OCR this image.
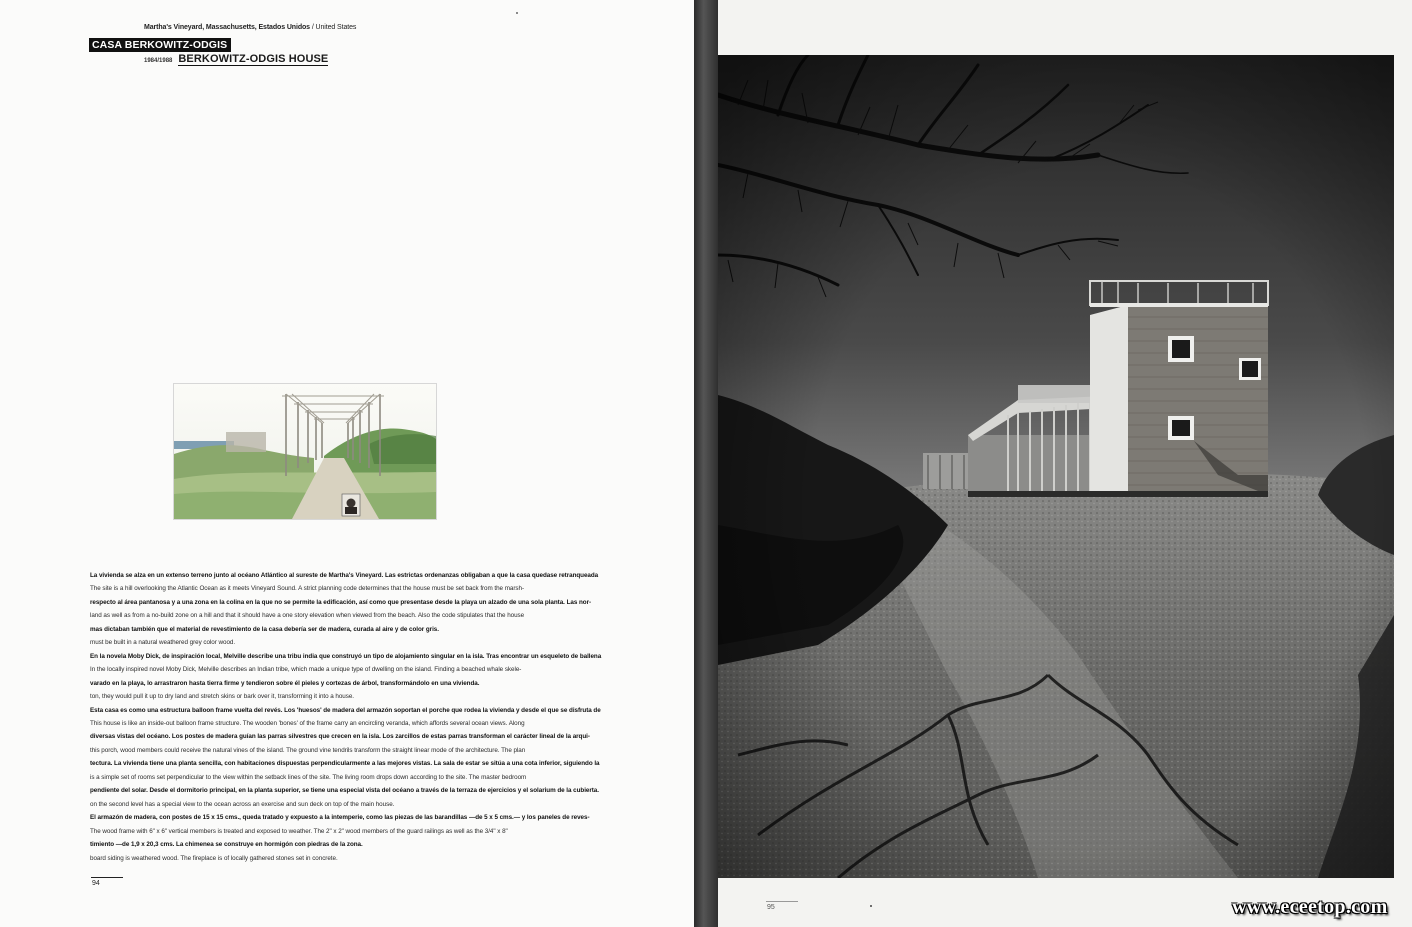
Martha's Vineyard, Massachusetts, Estados Unidos / United States
CASA BERKOWITZ-ODGIS
1984/1988 BERKOWITZ-ODGIS HOUSE

La vivienda se alza en un extenso terreno junto al océano Atlántico al sureste de Martha's Vineyard. Las estrictas ordenanzas obligaban a que la casa quedase retranqueada

The site is a hill overlooking the Atlantic Ocean as it meets Vineyard Sound. A strict planning code determines that the house must be set back from the marsh-

respecto al área pantanosa y a una zona en la colina en la que no se permite la edificación, así como que presentase desde la playa un alzado de una sola planta. Las nor-

land as well as from a no-build zone on a hill and that it should have a one story elevation when viewed from the beach. Also the code stipulates that the house

mas dictaban también que el material de revestimiento de la casa debería ser de madera, curada al aire y de color gris.

must be built in a natural weathered grey color wood.

En la novela Moby Dick, de inspiración local, Melville describe una tribu india que construyó un tipo de alojamiento singular en la isla. Tras encontrar un esqueleto de ballena

In the locally inspired novel Moby Dick, Melville describes an Indian tribe, which made a unique type of dwelling on the island. Finding a beached whale skele-

varado en la playa, lo arrastraron hasta tierra firme y tendieron sobre él pieles y cortezas de árbol, transformándolo en una vivienda.

ton, they would pull it up to dry land and stretch skins or bark over it, transforming it into a house.

Esta casa es como una estructura balloon frame vuelta del revés. Los 'huesos' de madera del armazón soportan el porche que rodea la vivienda y desde el que se disfruta de

This house is like an inside-out balloon frame structure. The wooden 'bones' of the frame carry an encircling veranda, which affords several ocean views. Along

diversas vistas del océano. Los postes de madera guían las parras silvestres que crecen en la isla. Los zarcillos de estas parras transforman el carácter lineal de la arqui-

this porch, wood members could receive the natural vines of the island. The ground vine tendrils transform the straight linear mode of the architecture. The plan

tectura. La vivienda tiene una planta sencilla, con habitaciones dispuestas perpendicularmente a las mejores vistas. La sala de estar se sitúa a una cota inferior, siguiendo la

is a simple set of rooms set perpendicular to the view within the setback lines of the site. The living room drops down according to the site. The master bedroom

pendiente del solar. Desde el dormitorio principal, en la planta superior, se tiene una especial vista del océano a través de la terraza de ejercicios y el solarium de la cubierta.

on the second level has a special view to the ocean across an exercise and sun deck on top of the main house.

El armazón de madera, con postes de 15 x 15 cms., queda tratado y expuesto a la intemperie, como las piezas de las barandillas —de 5 x 5 cms.— y los paneles de reves-

The wood frame with 6" x 6" vertical members is treated and exposed to weather. The 2" x 2" wood members of the guard railings as well as the 3/4" x 8"

timiento —de 1,9 x 20,3 cms. La chimenea se construye en hormigón con piedras de la zona.

board siding is weathered wood. The fireplace is of locally gathered stones set in concrete.

94
95	www.eceetop.com
